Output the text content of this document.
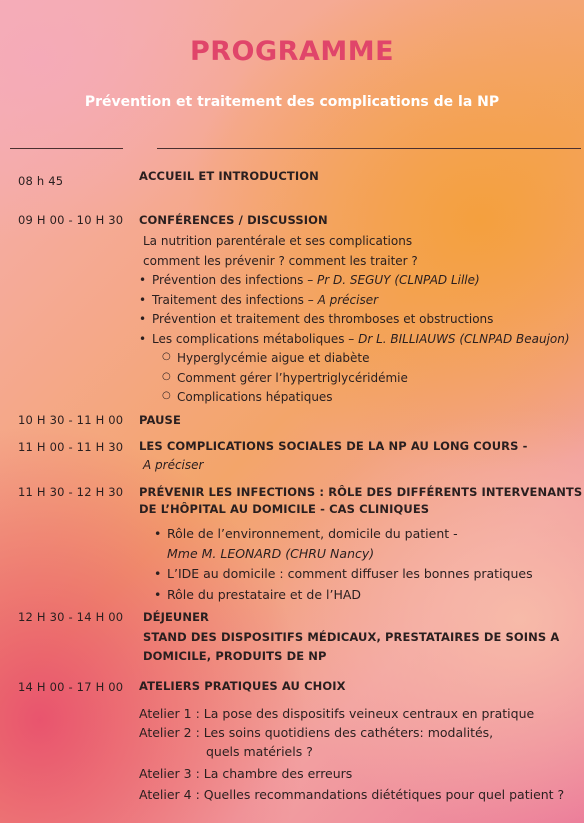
PROGRAMME
Prévention et traitement des complications de la NP
08 h 45	ACCUEIL ET INTRODUCTION
09 H 00 - 10 H 30 CONFÉRENCES / DISCUSSION
La nutrition parentérale et ses complications
comment les prévenir ? comment les traiter ?
• Prévention des infections – Pr D. SEGUY (CLNPAD Lille)
• Traitement des infections – A préciser
• Prévention et traitement des thromboses et obstructions
• Les complications métaboliques – Dr L. BILLIAUWS (CLNPAD Beaujon)
○ Hyperglycémie aigue et diabète
○ Comment gérer l’hypertriglycéridémie
○ Complications hépatiques
10 H 30 - 11 H 00 PAUSE
11 H 00 - 11 H 30 LES COMPLICATIONS SOCIALES DE LA NP AU LONG COURS -
A préciser
11 H 30 - 12 H 30 PRÉVENIR LES INFECTIONS : RÔLE DES DIFFÉRENTS INTERVENANTS
DE L’HÔPITAL AU DOMICILE - CAS CLINIQUES
• Rôle de l’environnement, domicile du patient -
Mme M. LEONARD (CHRU Nancy)
• L’IDE au domicile : comment diffuser les bonnes pratiques
• Rôle du prestataire et de l’HAD
12 H 30 - 14 H 00 DÉJEUNER
STAND DES DISPOSITIFS MÉDICAUX, PRESTATAIRES DE SOINS A
DOMICILE, PRODUITS DE NP
14 H 00 - 17 H 00 ATELIERS PRATIQUES AU CHOIX
Atelier 1 : La pose des dispositifs veineux centraux en pratique
Atelier 2 : Les soins quotidiens des cathéters: modalités,
quels matériels ?
Atelier 3 : La chambre des erreurs
Atelier 4 : Quelles recommandations diététiques pour quel patient ?
